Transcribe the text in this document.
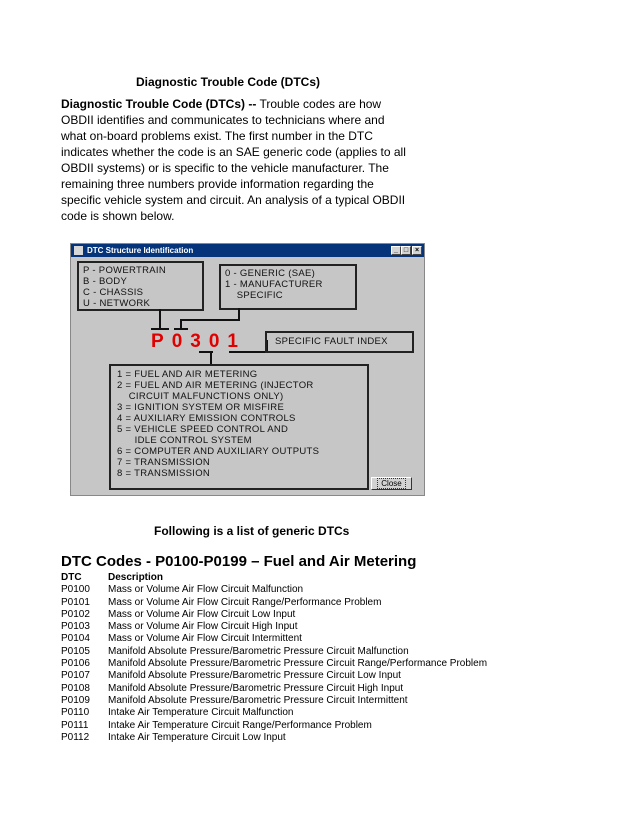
Diagnostic Trouble Code (DTCs)
Diagnostic Trouble Code (DTCs) -- Trouble codes are how OBDII identifies and communicates to technicians where and what on-board problems exist. The first number in the DTC indicates whether the code is an SAE generic code (applies to all OBDII systems) or is specific to the vehicle manufacturer. The remaining three numbers provide information regarding the specific vehicle system and circuit. An analysis of a typical OBDII code is shown below.
DTC Structure Identification	_ □ ×
P - POWERTRAIN
B - BODY
C - CHASSIS
U - NETWORK
0 - GENERIC (SAE)
1 - MANUFACTURER
SPECIFIC
P 0 3 0 1	SPECIFIC FAULT INDEX
1 = FUEL AND AIR METERING
2 = FUEL AND AIR METERING (INJECTOR
CIRCUIT MALFUNCTIONS ONLY)
3 = IGNITION SYSTEM OR MISFIRE
4 = AUXILIARY EMISSION CONTROLS
5 = VEHICLE SPEED CONTROL AND
IDLE CONTROL SYSTEM
6 = COMPUTER AND AUXILIARY OUTPUTS
7 = TRANSMISSION
8 = TRANSMISSION
Close
Following is a list of generic DTCs
DTC Codes - P0100-P0199 – Fuel and Air Metering
DTC	Description
P0100 Mass or Volume Air Flow Circuit Malfunction
P0101 Mass or Volume Air Flow Circuit Range/Performance Problem
P0102 Mass or Volume Air Flow Circuit Low Input
P0103 Mass or Volume Air Flow Circuit High Input
P0104 Mass or Volume Air Flow Circuit Intermittent
P0105 Manifold Absolute Pressure/Barometric Pressure Circuit Malfunction
P0106 Manifold Absolute Pressure/Barometric Pressure Circuit Range/Performance Problem
P0107 Manifold Absolute Pressure/Barometric Pressure Circuit Low Input
P0108 Manifold Absolute Pressure/Barometric Pressure Circuit High Input
P0109 Manifold Absolute Pressure/Barometric Pressure Circuit Intermittent
P0110 Intake Air Temperature Circuit Malfunction
P0111 Intake Air Temperature Circuit Range/Performance Problem
P0112 Intake Air Temperature Circuit Low Input
